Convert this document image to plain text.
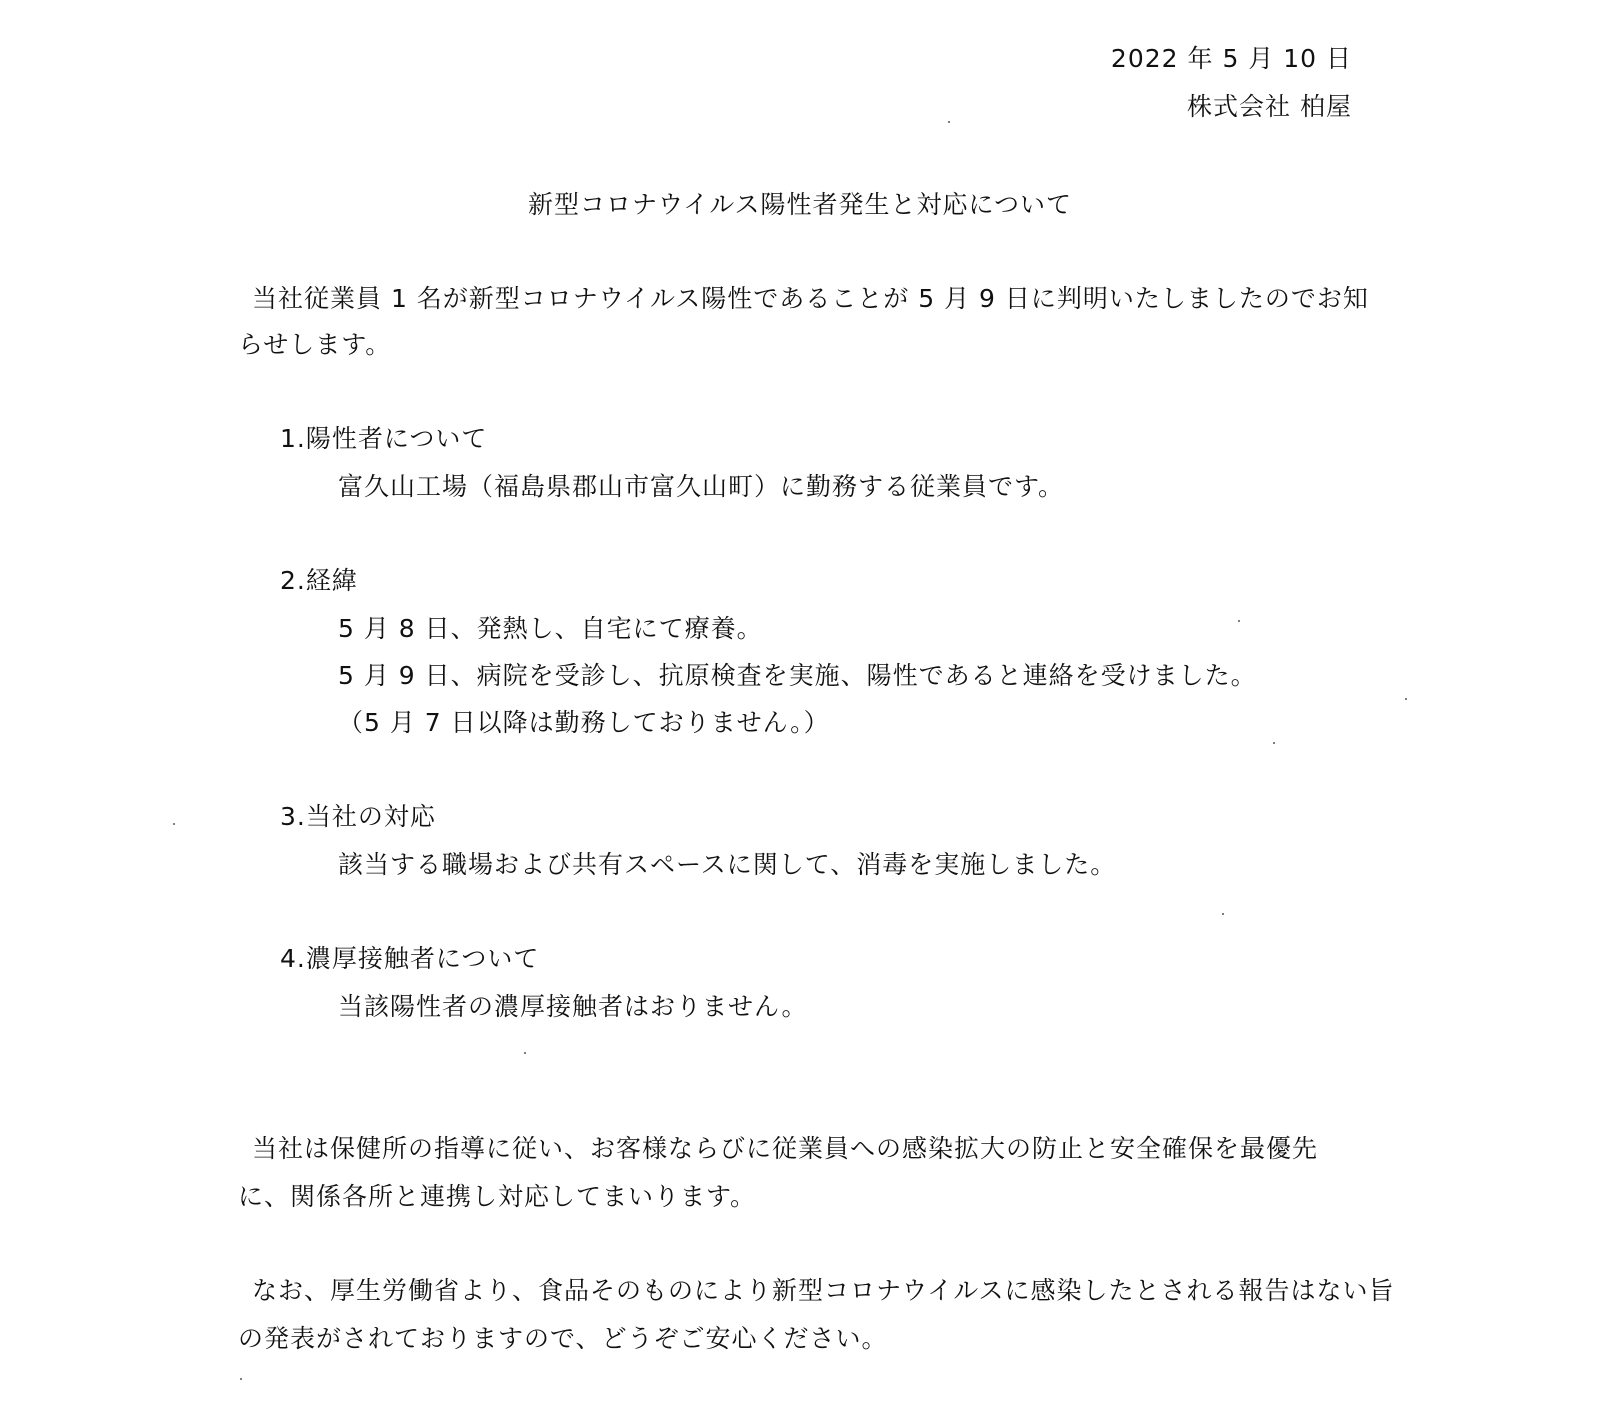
2022 年 5 月 10 日
株式会社 柏屋
新型コロナウイルス陽性者発生と対応について
当社従業員 1 名が新型コロナウイルス陽性であることが 5 月 9 日に判明いたしましたのでお知
らせします。
1.陽性者について
富久山工場（福島県郡山市富久山町）に勤務する従業員です。
2.経緯
5 月 8 日、発熱し、自宅にて療養。
5 月 9 日、病院を受診し、抗原検査を実施、陽性であると連絡を受けました。
（5 月 7 日以降は勤務しておりません。）
3.当社の対応
該当する職場および共有スペースに関して、消毒を実施しました。
4.濃厚接触者について
当該陽性者の濃厚接触者はおりません。
当社は保健所の指導に従い、お客様ならびに従業員への感染拡大の防止と安全確保を最優先
に、関係各所と連携し対応してまいります。
なお、厚生労働省より、食品そのものにより新型コロナウイルスに感染したとされる報告はない旨
の発表がされておりますので、どうぞご安心ください。
